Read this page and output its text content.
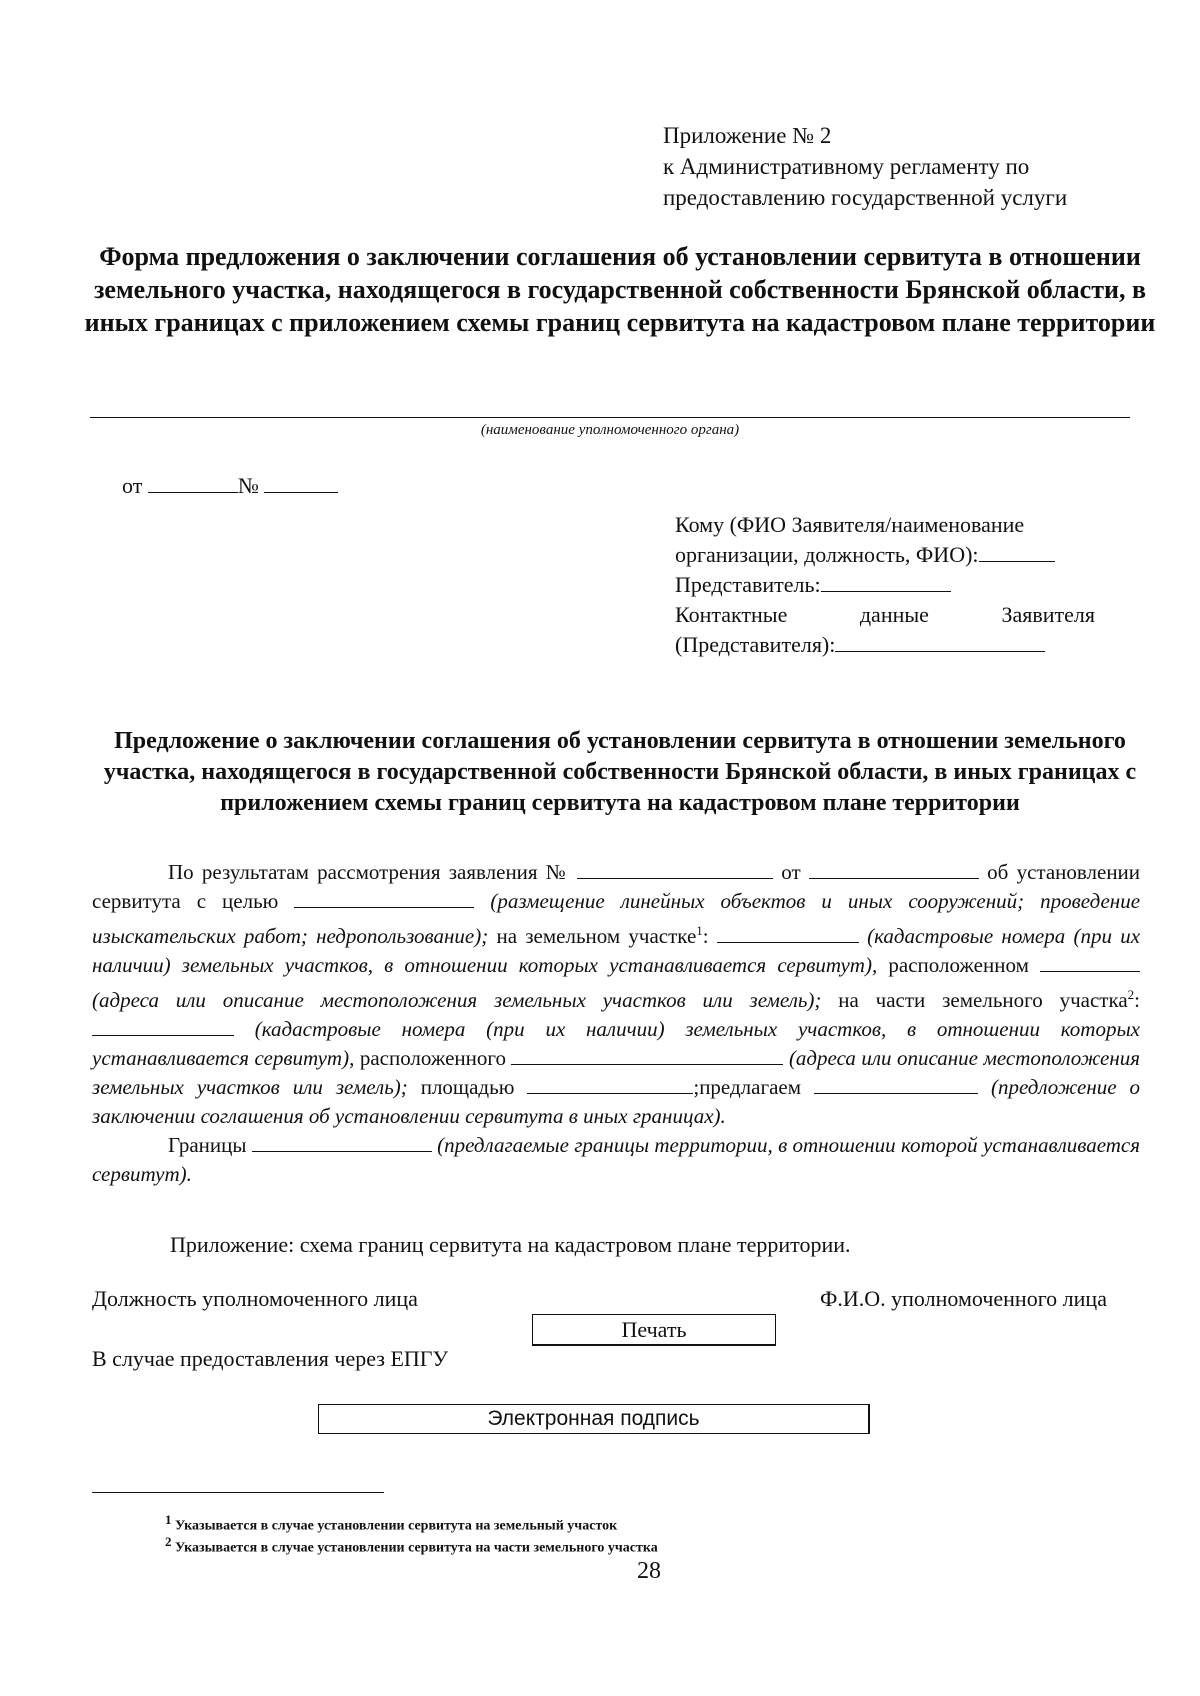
Приложение № 2
к Административному регламенту по
предоставлению государственной услуги
Форма предложения о заключении соглашения об установлении сервитута в отношении земельного участка, находящегося в государственной собственности Брянской области, в иных границах с приложением схемы границ сервитута на кадастровом плане территории
(наименование уполномоченного органа)
от	№
Кому (ФИО Заявителя/наименование
организации, должность, ФИО):
Представитель:
Контактные	данные	Заявителя
(Представителя):
Предложение о заключении соглашения об установлении сервитута в отношении земельного участка, находящегося в государственной собственности Брянской области, в иных границах с приложением схемы границ сервитута на кадастровом плане территории

По результатам рассмотрения заявления №	от	об установлении сервитута с целью	(размещение линейных объектов и иных сооружений; проведение изыскательских работ; недропользование); на земельном участке$^1$:	(кадастровые номера (при их наличии) земельных участков, в отношении которых устанавливается сервитут), расположенном  (адреса или описание местоположения земельных участков или земель); на части земельного участка$^2$:  (кадастровые номера (при их наличии) земельных участков, в отношении которых устанавливается сервитут), расположенного	(адреса или описание местоположения земельных участков или земель); площадью	;предлагаем	(предложение о заключении соглашения об установлении сервитута в иных границах).

Границы	(предлагаемые границы территории, в отношении которой устанавливается сервитут).

Приложение: схема границ сервитута на кадастровом плане территории.
Должность уполномоченного лица	Ф.И.О. уполномоченного лица
Печать
В случае предоставления через ЕПГУ
Электронная подпись
$^1$ Указывается в случае установлении сервитута на земельный участок
$^2$ Указывается в случае установлении сервитута на части земельного участка
28
